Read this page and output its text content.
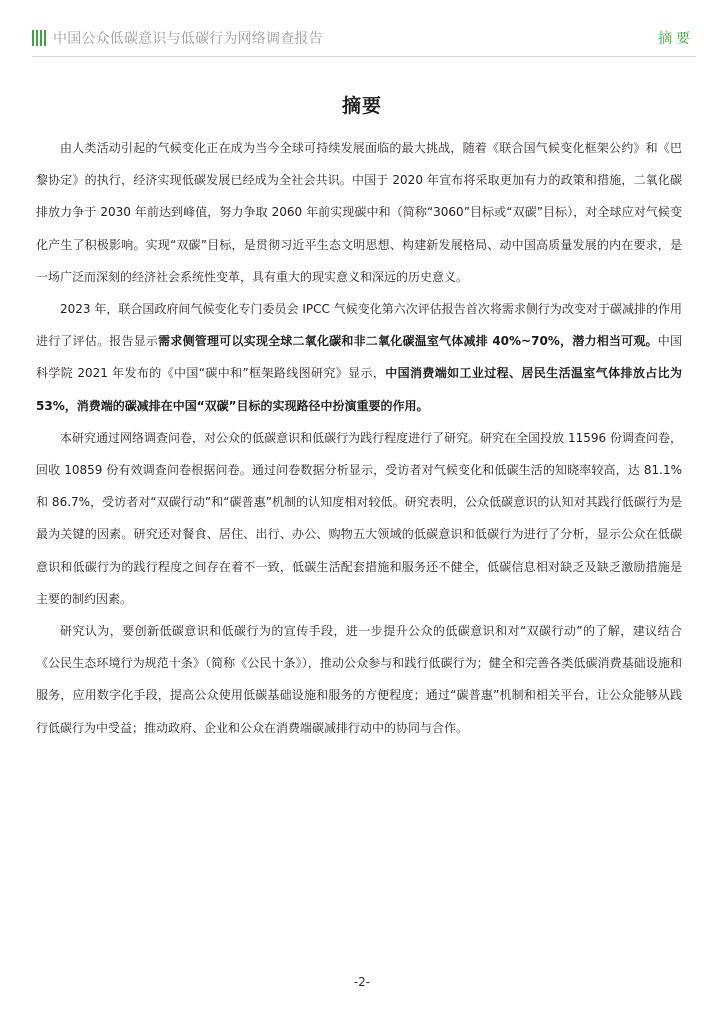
中国公众低碳意识与低碳行为网络调查报告	摘要
摘要

由人类活动引起的气候变化正在成为当今全球可持续发展面临的最大挑战，随着《联合国气候变化框架公约》和《巴黎协定》的执行，经济实现低碳发展已经成为全社会共识。中国于 2020 年宣布将采取更加有力的政策和措施，二氧化碳排放力争于 2030 年前达到峰值，努力争取 2060 年前实现碳中和（简称“3060”目标或“双碳”目标），对全球应对气候变化产生了积极影响。实现“双碳”目标，是贯彻习近平生态文明思想、构建新发展格局、动中国高质量发展的内在要求，是一场广泛而深刻的经济社会系统性变革，具有重大的现实意义和深远的历史意义。

2023 年，联合国政府间气候变化专门委员会 IPCC 气候变化第六次评估报告首次将需求侧行为改变对于碳减排的作用进行了评估。报告显示需求侧管理可以实现全球二氧化碳和非二氧化碳温室气体减排 40%~70%，潜力相当可观。中国科学院 2021 年发布的《中国“碳中和”框架路线图研究》显示，中国消费端如工业过程、居民生活温室气体排放占比为 53%，消费端的碳减排在中国“双碳”目标的实现路径中扮演重要的作用。

本研究通过网络调查问卷，对公众的低碳意识和低碳行为践行程度进行了研究。研究在全国投放 11596 份调查问卷，回收 10859 份有效调查问卷根据问卷。通过问卷数据分析显示，受访者对气候变化和低碳生活的知晓率较高，达 81.1%和 86.7%，受访者对“双碳行动”和“碳普惠”机制的认知度相对较低。研究表明，公众低碳意识的认知对其践行低碳行为是最为关键的因素。研究还对餐食、居住、出行、办公、购物五大领域的低碳意识和低碳行为进行了分析，显示公众在低碳意识和低碳行为的践行程度之间存在着不一致，低碳生活配套措施和服务还不健全，低碳信息相对缺乏及缺乏激励措施是主要的制约因素。

研究认为，要创新低碳意识和低碳行为的宣传手段，进一步提升公众的低碳意识和对“双碳行动”的了解，建议结合《公民生态环境行为规范十条》（简称《公民十条》），推动公众参与和践行低碳行为；健全和完善各类低碳消费基础设施和服务，应用数字化手段，提高公众使用低碳基础设施和服务的方便程度；通过“碳普惠”机制和相关平台，让公众能够从践行低碳行为中受益；推动政府、企业和公众在消费端碳减排行动中的协同与合作。

-2-
